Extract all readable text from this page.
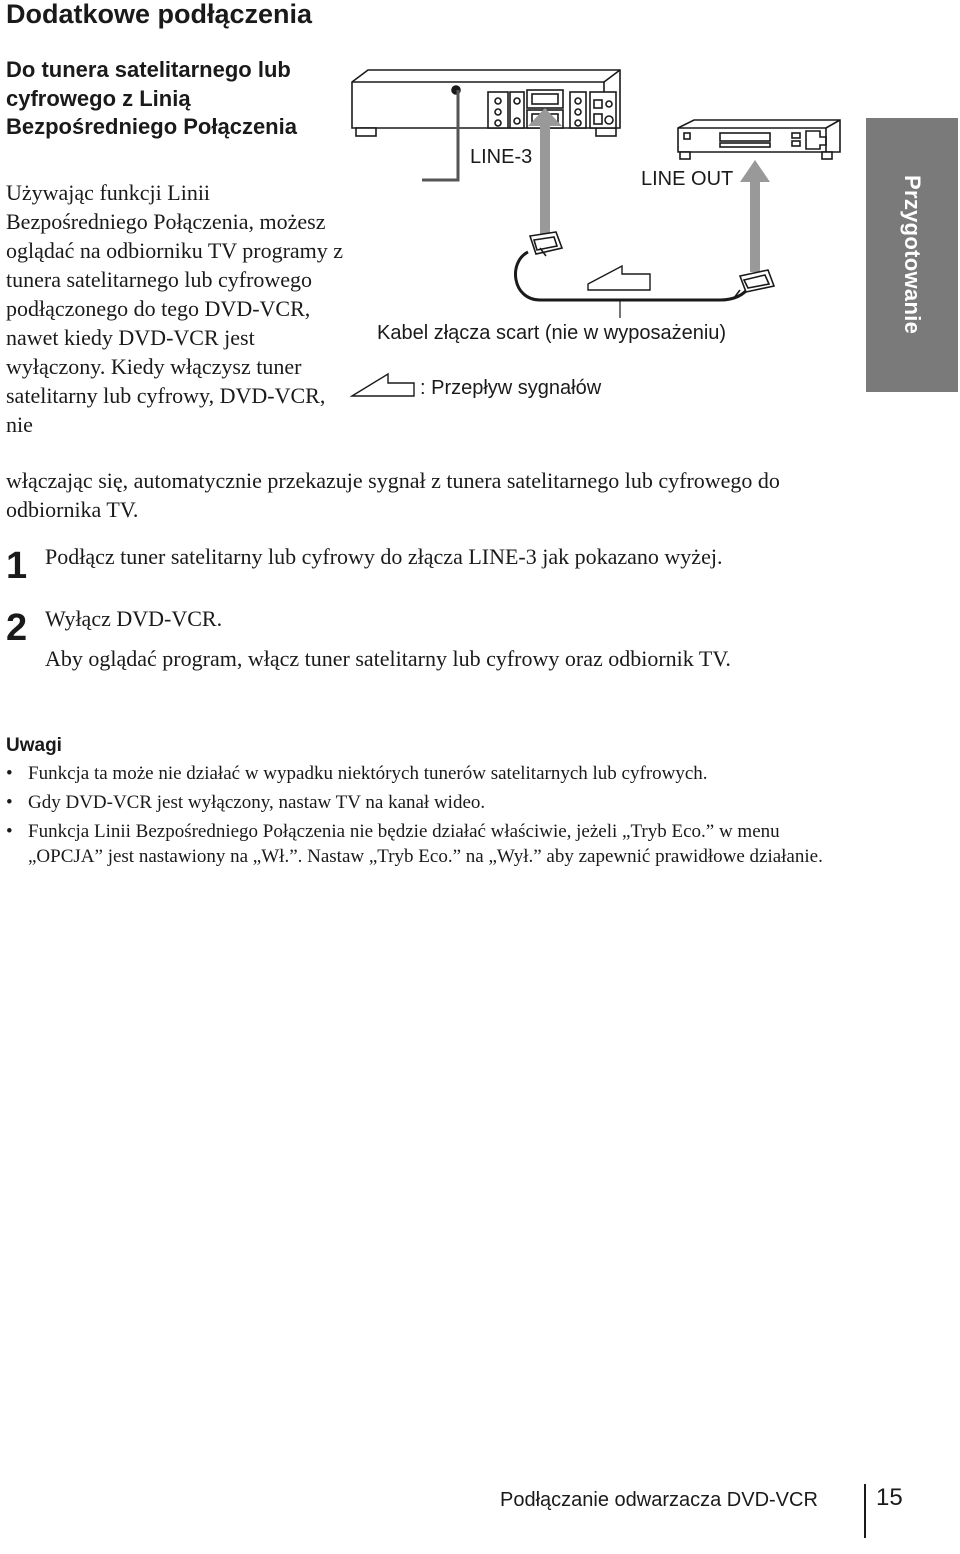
Dodatkowe podłączenia
Do tunera satelitarnego lub cyfrowego z Linią Bezpośredniego Połączenia
Używając funkcji Linii Bezpośredniego Połączenia, możesz oglądać na odbiorniku TV programy z tunera satelitarnego lub cyfrowego podłączonego do tego DVD-VCR, nawet kiedy DVD-VCR jest wyłączony. Kiedy włączysz tuner satelitarny lub cyfrowy, DVD-VCR, nie
włączając się, automatycznie przekazuje sygnał z tunera satelitarnego lub cyfrowego do odbiornika TV.
LINE-3
LINE OUT
Kabel złącza scart (nie w wyposażeniu)
: Przepływ sygnałów
Przygotowanie
1 Podłącz tuner satelitarny lub cyfrowy do złącza LINE-3 jak pokazano wyżej.
2 Wyłącz DVD-VCR.
Aby oglądać program, włącz tuner satelitarny lub cyfrowy oraz odbiornik TV.
Uwagi
• Funkcja ta może nie działać w wypadku niektórych tunerów satelitarnych lub cyfrowych.
• Gdy DVD-VCR jest wyłączony, nastaw TV na kanał wideo.
• Funkcja Linii Bezpośredniego Połączenia nie będzie działać właściwie, jeżeli „Tryb Eco.” w menu „OPCJA” jest nastawiony na „Wł.”. Nastaw „Tryb Eco.” na „Wył.” aby zapewnić prawidłowe działanie.
Podłączanie odwarzacza DVD-VCR 15
